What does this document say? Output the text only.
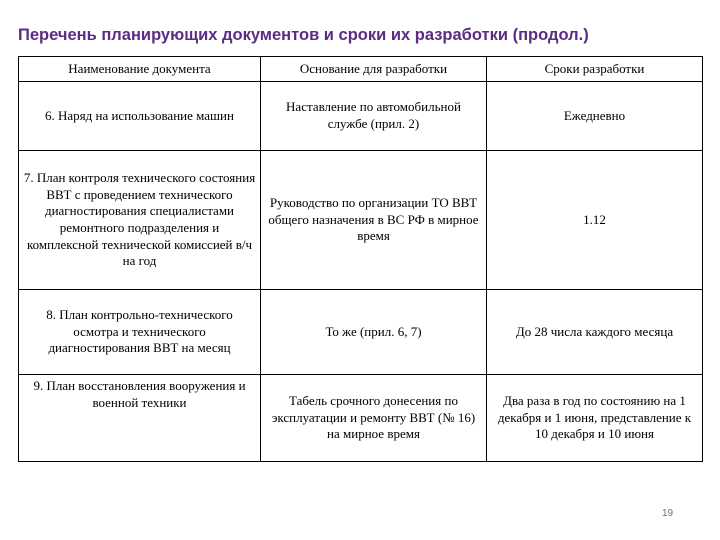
Перечень планирующих документов и сроки их разработки (продол.)
Наименование документа	Основание для разработки	Сроки разработки
6. Наряд на использование машин	Наставление по автомобильной службе (прил. 2)	Ежедневно
7. План контроля технического состояния ВВТ с проведением технического диагностирования специалистами ремонтного подразделения и комплексной технической комиссией в/ч на год	Руководство по организации ТО ВВТ общего назначения в ВС РФ в мирное время	1.12
8. План контрольно-технического осмотра и технического диагностирования ВВТ на месяц	То же (прил. 6, 7)	До 28 числа каждого месяца
9. План восстановления вооружения и военной техники	Табель срочного донесения по эксплуатации и ремонту ВВТ (№ 16) на мирное время	Два раза в год по состоянию на 1 декабря и 1 июня, представление к 10 декабря и 10 июня
19
